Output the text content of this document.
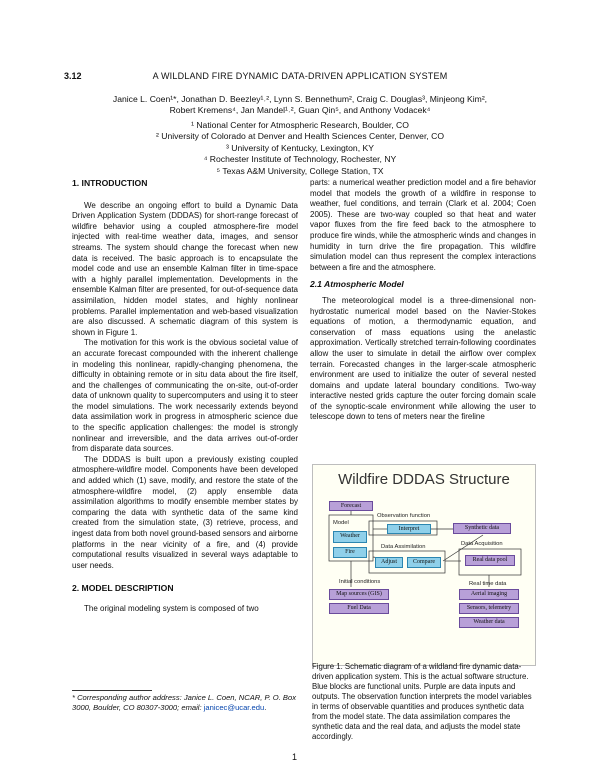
3.12	A WILDLAND FIRE DYNAMIC DATA-DRIVEN APPLICATION SYSTEM
Janice L. Coen¹*, Jonathan D. Beezley¹˒², Lynn S. Bennethum², Craig C. Douglas³, Minjeong Kim², Robert Kremens⁴, Jan Mandel¹˒², Guan Qin⁵, and Anthony Vodacek⁴
¹ National Center for Atmospheric Research, Boulder, CO
² University of Colorado at Denver and Health Sciences Center, Denver, CO
³ University of Kentucky, Lexington, KY
⁴ Rochester Institute of Technology, Rochester, NY
⁵ Texas A&M University, College Station, TX

1. INTRODUCTION

We describe an ongoing effort to build a Dynamic Data Driven Application System (DDDAS) for short-range forecast of wildfire behavior using a coupled atmosphere-fire model injected with real-time weather data, images, and sensor streams. The system should change the forecast when new data is received. The basic approach is to encapsulate the model code and use an ensemble Kalman filter in time-space with a highly parallel implementation. Developments in the ensemble Kalman filter are presented, for out-of-sequence data assimilation, hidden model states, and highly nonlinear problems. Parallel implementation and web-based visualization are also discussed. A schematic diagram of this system is shown in Figure 1.

The motivation for this work is the obvious societal value of an accurate forecast compounded with the inherent challenge in modeling this nonlinear, rapidly-changing phenomena, the difficulty in obtaining remote or in situ data about the fire itself, and the challenges of communicating the on-site, out-of-order data of unknown quality to supercomputers and using it to steer the model simulations. The work necessarily extends beyond data assimilation work in progress in atmospheric science due to the specific application challenges: the model is strongly nonlinear and irreversible, and the data arrives out-of-order from disparate data sources.

The DDDAS is built upon a previously existing coupled atmosphere-wildfire model. Components have been developed and added which (1) save, modify, and restore the state of the atmosphere-wildfire model, (2) apply ensemble data assimilation algorithms to modify ensemble member states by comparing the data with synthetic data of the same kind created from the simulation state, (3) retrieve, process, and ingest data from both novel ground-based sensors and airborne platforms in the near vicinity of a fire, and (4) provide computational results visualized in several ways adaptable to user needs.

2. MODEL DESCRIPTION

The original modeling system is composed of two

* Corresponding author address: Janice L. Coen, NCAR, P. O. Box 3000, Boulder, CO 80307-3000; email: janicec@ucar.edu.

parts: a numerical weather prediction model and a fire behavior model that models the growth of a wildfire in response to weather, fuel conditions, and terrain (Clark et al. 2004; Coen 2005). These are two-way coupled so that heat and water vapor fluxes from the fire feed back to the atmosphere to produce fire winds, while the atmospheric winds and changes in humidity in turn drive the fire propagation. This wildfire simulation model can thus represent the complex interactions between a fire and the atmosphere.

2.1 Atmospheric Model

The meteorological model is a three-dimensional non-hydrostatic numerical model based on the Navier-Stokes equations of motion, a thermodynamic equation, and conservation of mass equations using the anelastic approximation. Vertically stretched terrain-following coordinates allow the user to simulate in detail the airflow over complex terrain. Forecasted changes in the larger-scale atmospheric environment are used to initialize the outer of several nested domains and update lateral boundary conditions. Two-way interactive nested grids capture the outer forcing domain scale of the synoptic-scale environment while allowing the user to telescope down to tens of meters near the fireline

Wildfire DDDAS Structure
Forecast
Model
Weather
Fire
Observation function
Interpret	Synthetic data
Data Assimilation
Adjust	Compare
Data Acquisition
Real data pool
Initial conditions	Real time data
Map sources (GIS)
Fuel Data
Aerial imaging
Sensors, telemetry
Weather data
Figure 1. Schematic diagram of a wildland fire dynamic data-driven application system. This is the actual software structure. Blue blocks are functional units. Purple are data inputs and outputs. The observation function interprets the model variables in terms of observable quantities and produces synthetic data from the model state. The data assimilation compares the synthetic data and the real data, and adjusts the model state accordingly.
1
